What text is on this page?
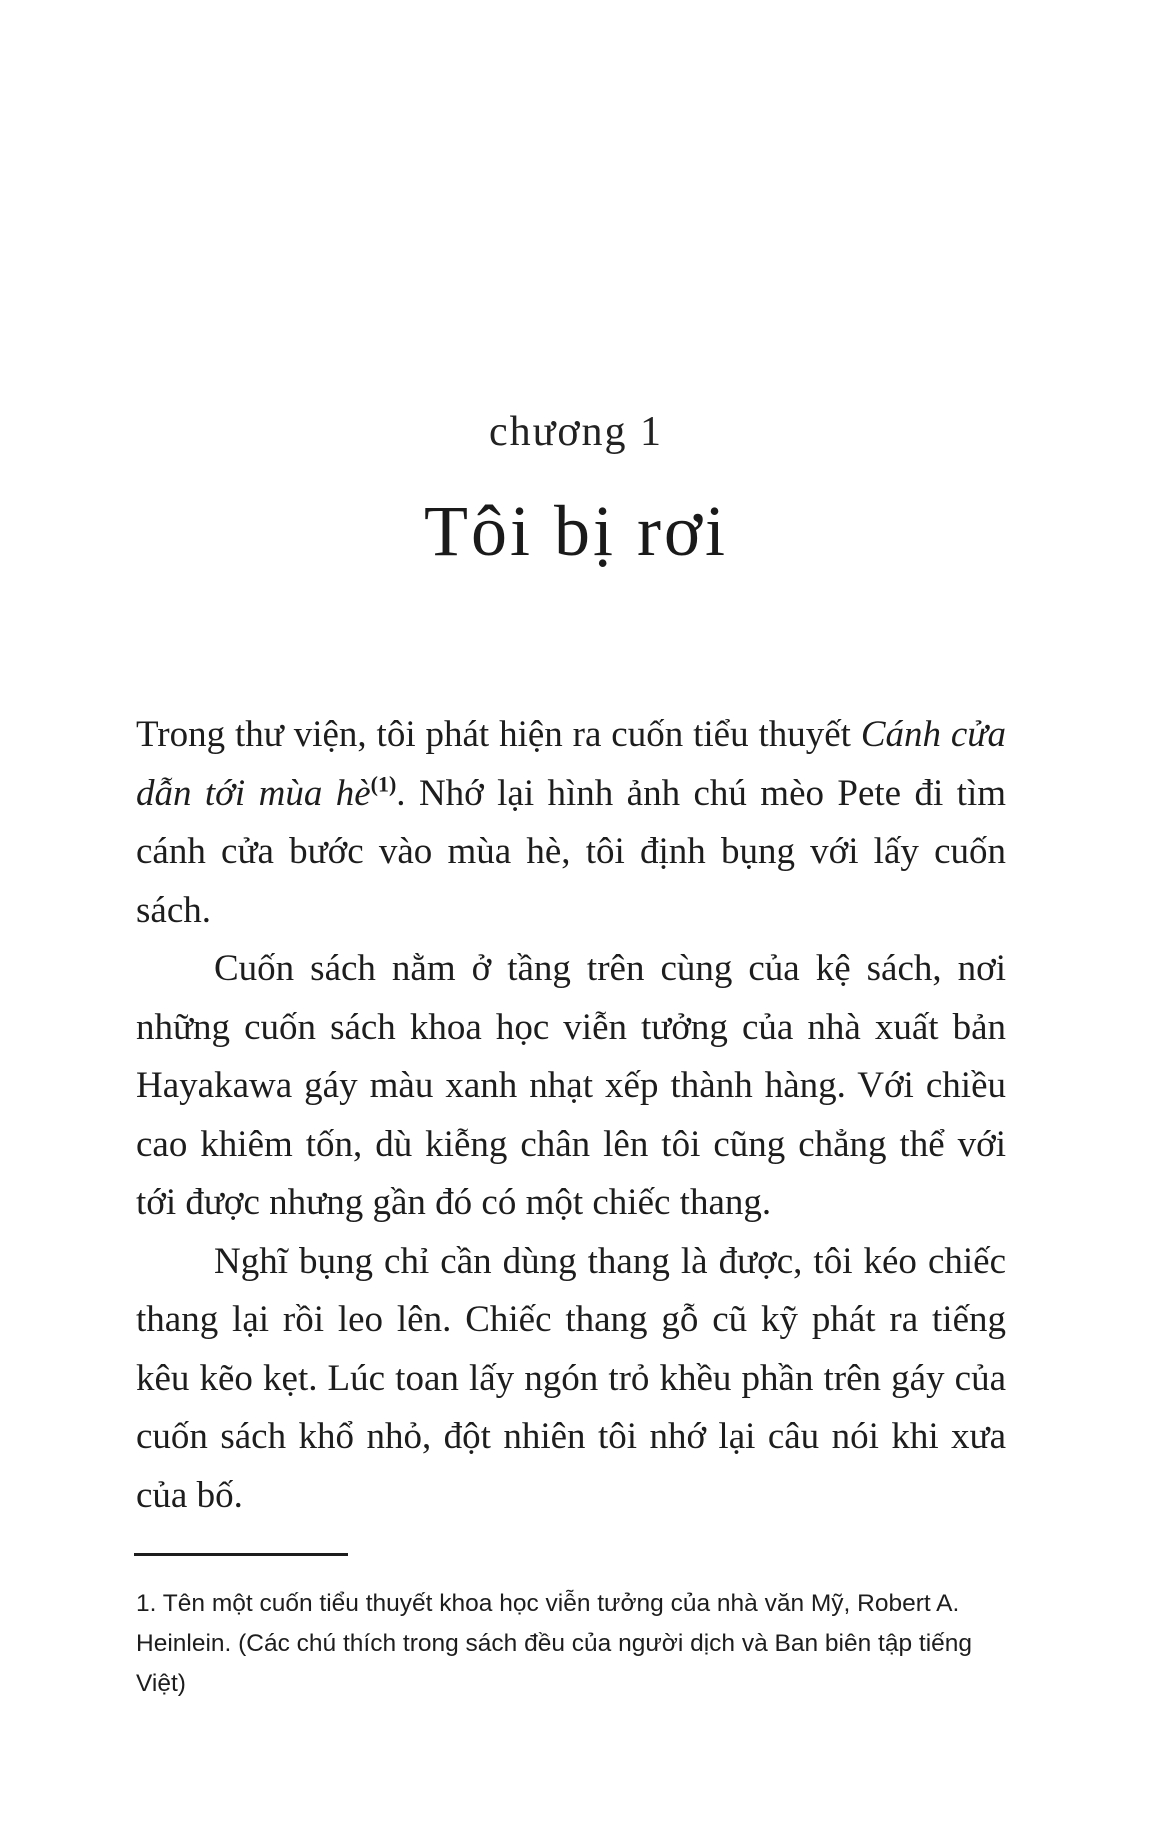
chương 1
Tôi bị rơi

Trong thư viện, tôi phát hiện ra cuốn tiểu thuyết Cánh cửa dẫn tới mùa $hè^{(1)}$. Nhớ lại hình ảnh chú mèo Pete đi tìm cánh cửa bước vào mùa hè, tôi định bụng với lấy cuốn sách.

Cuốn sách nằm ở tầng trên cùng của kệ sách, nơi những cuốn sách khoa học viễn tưởng của nhà xuất bản Hayakawa gáy màu xanh nhạt xếp thành hàng. Với chiều cao khiêm tốn, dù kiễng chân lên tôi cũng chẳng thể với tới được nhưng gần đó có một chiếc thang.

Nghĩ bụng chỉ cần dùng thang là được, tôi kéo chiếc thang lại rồi leo lên. Chiếc thang gỗ cũ kỹ phát ra tiếng kêu kẽo kẹt. Lúc toan lấy ngón trỏ khều phần trên gáy của cuốn sách khổ nhỏ, đột nhiên tôi nhớ lại câu nói khi xưa của bố.

1. Tên một cuốn tiểu thuyết khoa học viễn tưởng của nhà văn Mỹ, Robert A. Heinlein. (Các chú thích trong sách đều của người dịch và Ban biên tập tiếng Việt)
